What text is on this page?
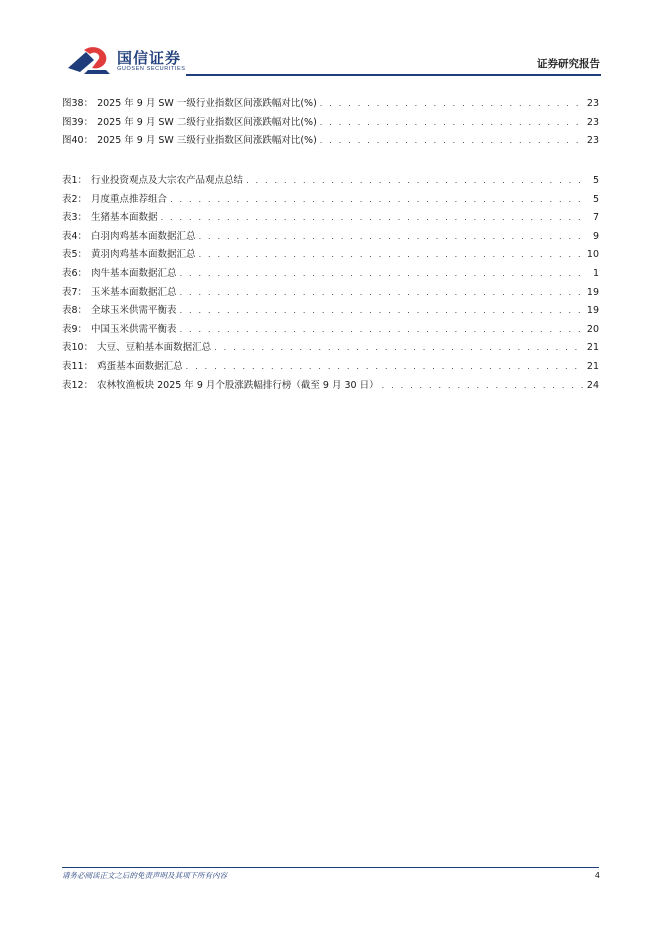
国信证券
GUOSEN SECURITIES	证券研究报告
图38： 2025 年 9 月 SW 一级行业指数区间涨跌幅对比(%) . . .	23
图39： 2025 年 9 月 SW 二级行业指数区间涨跌幅对比(%) . . .	23
图40： 2025 年 9 月 SW 三级行业指数区间涨跌幅对比(%) . . .	23
表1： 行业投资观点及大宗农产品观点总结 . . .	5
表2： 月度重点推荐组合 . . .	5
表3： 生猪基本面数据 . . .	7
表4： 白羽肉鸡基本面数据汇总 . . .	9
表5： 黄羽肉鸡基本面数据汇总 . . .	10
表6： 肉牛基本面数据汇总 . . .	1
表7： 玉米基本面数据汇总 . . .	19
表8： 全球玉米供需平衡表 . . .	19
表9： 中国玉米供需平衡表 . . .	20
表10： 大豆、豆粕基本面数据汇总 . . .	21
表11： 鸡蛋基本面数据汇总 . . .	21
表12： 农林牧渔板块 2025 年 9 月个股涨跌幅排行榜（截至 9 月 30 日） . . .	24
请务必阅读正文之后的免责声明及其项下所有内容	4
